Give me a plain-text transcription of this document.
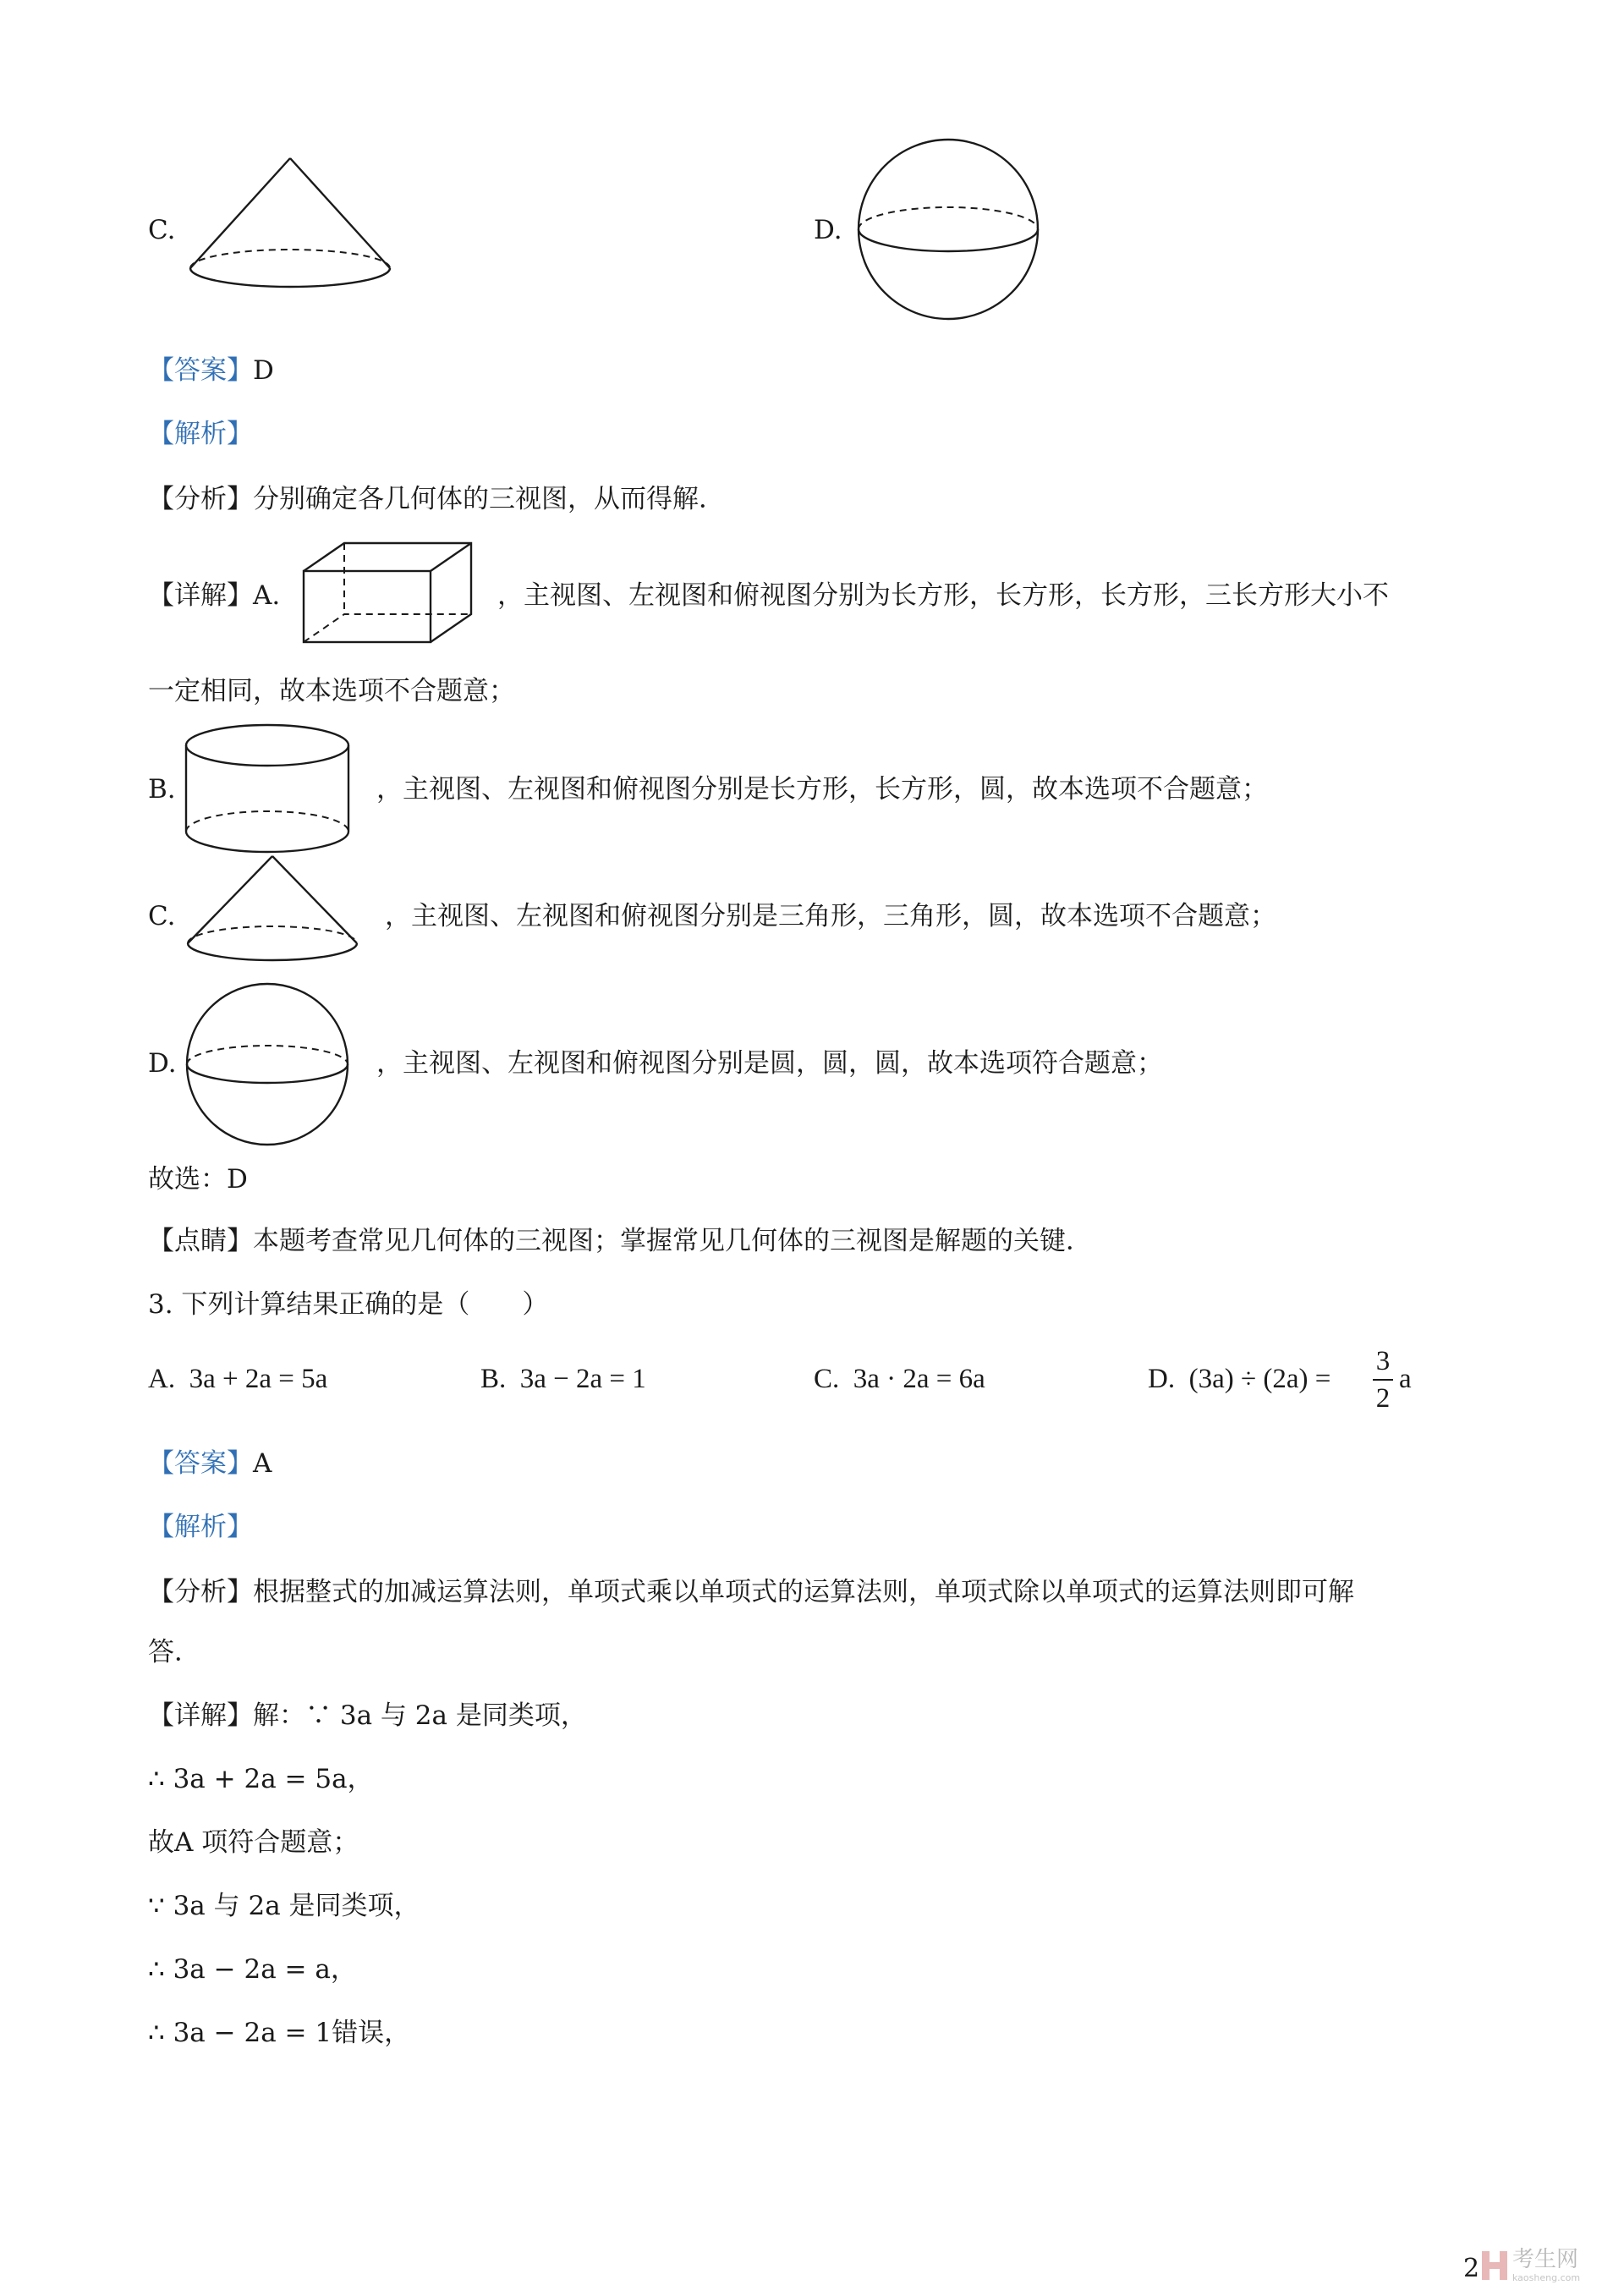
C.	D.
【答案】D
【解析】
【分析】分别确定各几何体的三视图，从而得解．
【详解】A.	，主视图、左视图和俯视图分别为长方形，长方形，长方形，三长方形大小不
一定相同，故本选项不合题意；
B.	，主视图、左视图和俯视图分别是长方形，长方形，圆，故本选项不合题意；
C.	，主视图、左视图和俯视图分别是三角形，三角形，圆，故本选项不合题意；
D.	，主视图、左视图和俯视图分别是圆，圆，圆，故本选项符合题意；
故选：D
【点睛】本题考查常见几何体的三视图；掌握常见几何体的三视图是解题的关键．
3. 下列计算结果正确的是（　　）
A. 3a + 2a = 5a	B. 3a − 2a = 1	C. 3a · 2a = 6a	D. (3a) ÷ (2a) =
3
2
a
【答案】A
【解析】
【分析】根据整式的加减运算法则，单项式乘以单项式的运算法则，单项式除以单项式的运算法则即可解
答．
【详解】解：∵ 3a 与 2a 是同类项，
∴ 3a + 2a = 5a，
故A 项符合题意；
∵ 3a 与 2a 是同类项，
∴ 3a − 2a = a，
∴ 3a − 2a = 1错误，
2 考生网
kaosheng.com
